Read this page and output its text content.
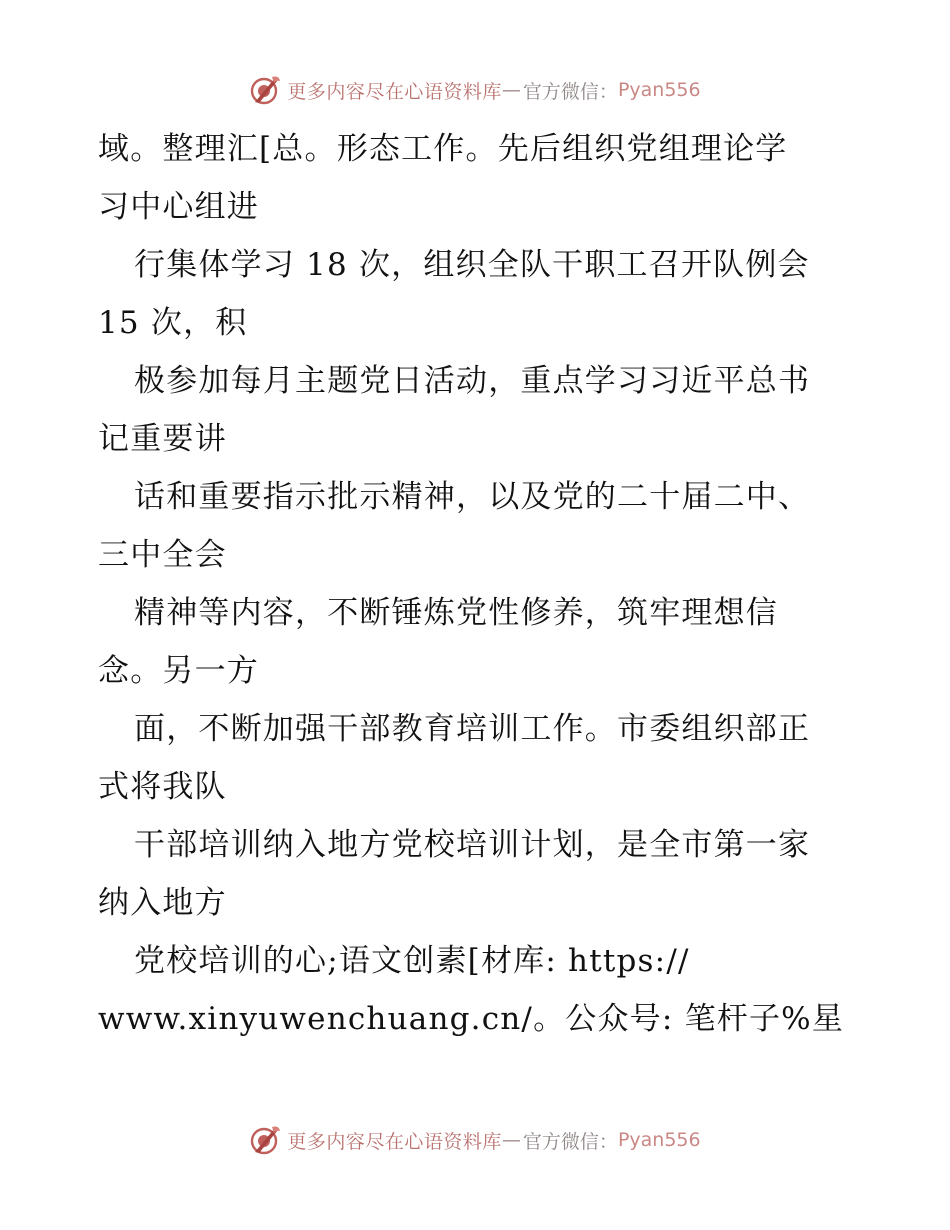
更多内容尽在心语资料库 — 官方微信： Pyan556
域。整理汇[总。形态工作。先后组织党组理论学
习中心组进
行集体学习 18 次，组织全队干职工召开队例会
15 次，积
极参加每月主题党日活动，重点学习习近平总书
记重要讲
话和重要指示批示精神，以及党的二十届二中、
三中全会
精神等内容，不断锤炼党性修养，筑牢理想信
念。另一方
面，不断加强干部教育培训工作。市委组织部正
式将我队
干部培训纳入地方党校培训计划，是全市第一家
纳入地方
党校培训的心;语文创素[材库: https://
www.xinyuwenchuang.cn/。公众号: 笔杆子%星
更多内容尽在心语资料库 — 官方微信： Pyan556
